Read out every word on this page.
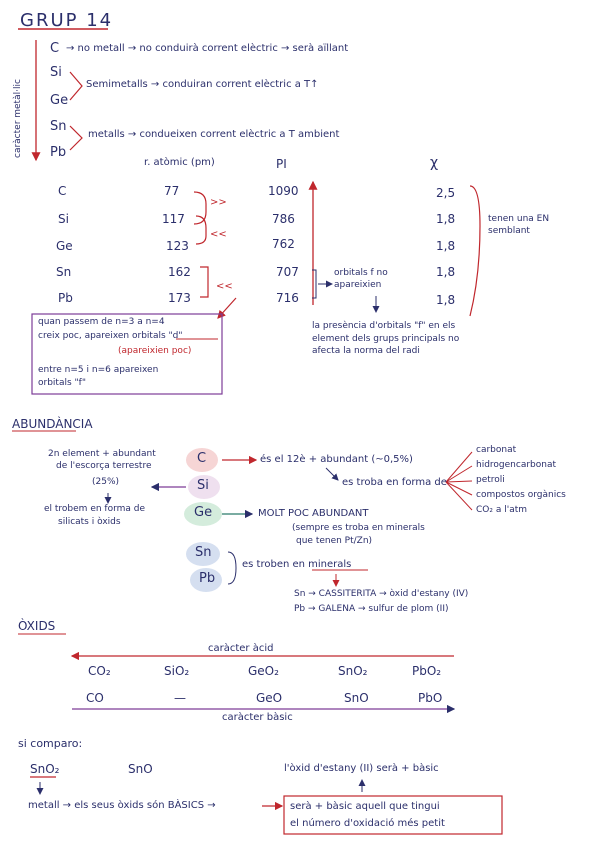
GRUP 14
caràcter metàl·lic
C → no metall → no conduirà corrent elèctric → serà aïllant
Si
Ge
Semimetalls → conduiran corrent elèctric a T↑
Sn
Pb
metalls → condueixen corrent elèctric a T ambient
r. atòmic (pm)	PI	χ
C	77	1090	2,5
Si	117	786	1,8
Ge	123	762	1,8
Sn	162	707	1,8
Pb	173	716	1,8
>>
<<
<<
tenen una EN semblant
orbitals f no apareixien
la presència d'orbitals "f" en els element dels grups principals no afecta la norma del radi
quan passem de n=3 a n=4
creix poc, apareixen orbitals "d"
(apareixien poc)
entre n=5 i n=6 apareixen
orbitals "f"
ABUNDÀNCIA
2n element + abundant
de l'escorça terrestre
(25%)
el trobem en forma de
silicats i òxids
C
Si
Ge
Sn
Pb
és el 12è + abundant (~0,5%)
es troba en forma de
carbonat
hidrogencarbonat
petroli
compostos orgànics
CO₂ a l'atm
MOLT POC ABUNDANT
(sempre es troba en minerals
que tenen Pt/Zn)
es troben en minerals
Sn → CASSITERITA → òxid d'estany (IV)
Pb → GALENA → sulfur de plom (II)
ÒXIDS
caràcter àcid
CO₂	SiO₂	GeO₂	SnO₂	PbO₂
CO	—	GeO	SnO	PbO
caràcter bàsic
si comparo:
SnO₂	SnO	l'òxid d'estany (II) serà + bàsic
metall → els seus òxids són BÀSICS →	serà + bàsic aquell que tingui
el número d'oxidació més petit
